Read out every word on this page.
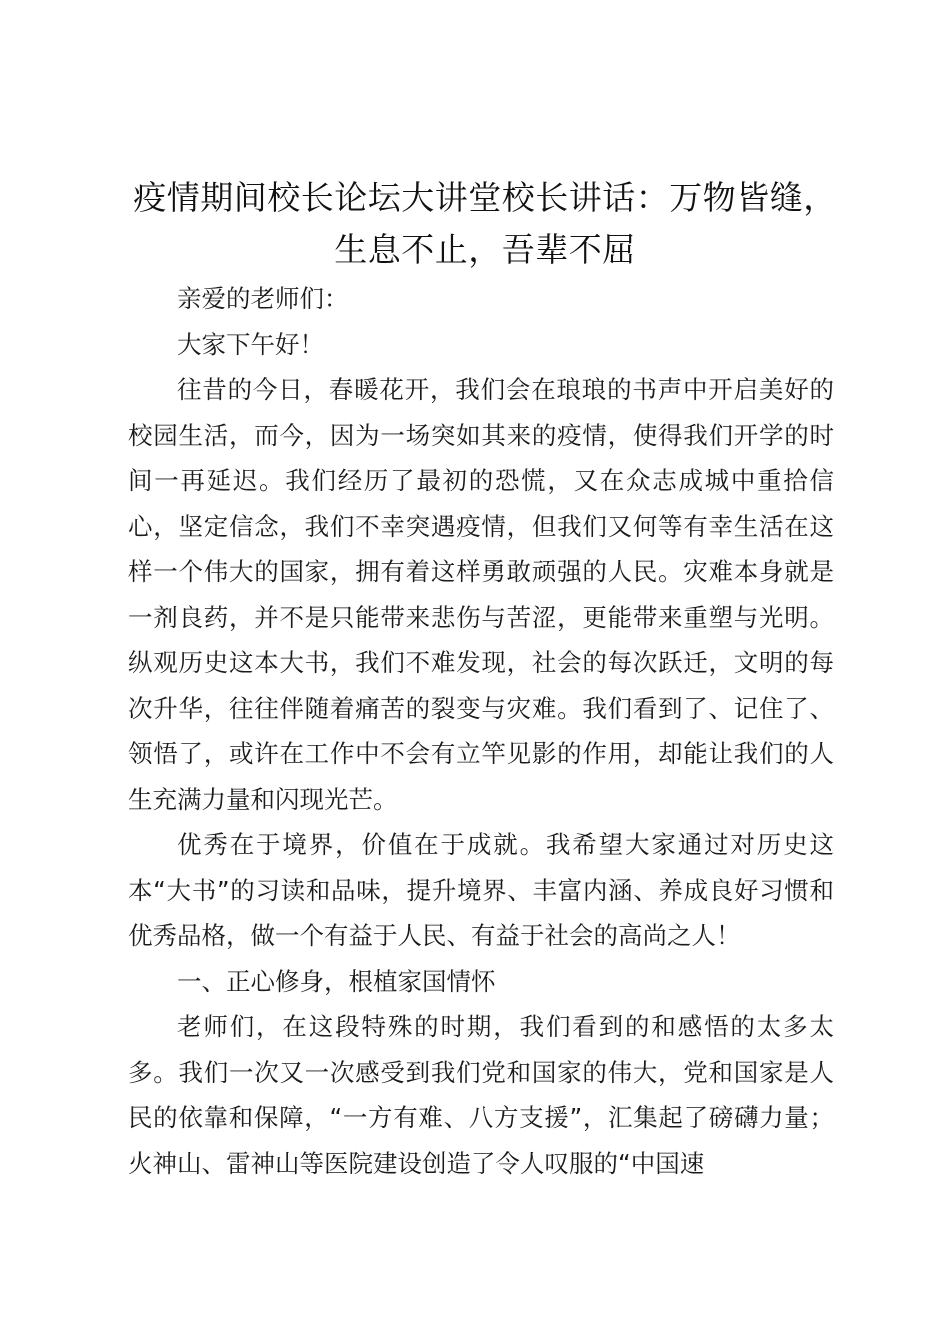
疫情期间校长论坛大讲堂校长讲话：万物皆缝，
生息不止，吾辈不屈

亲爱的老师们：

大家下午好！

往昔的今日，春暖花开，我们会在琅琅的书声中开启美好的校园生活，而今，因为一场突如其来的疫情，使得我们开学的时间一再延迟。我们经历了最初的恐慌，又在众志成城中重拾信心，坚定信念，我们不幸突遇疫情，但我们又何等有幸生活在这样一个伟大的国家，拥有着这样勇敢顽强的人民。灾难本身就是一剂良药，并不是只能带来悲伤与苦涩，更能带来重塑与光明。纵观历史这本大书，我们不难发现，社会的每次跃迁，文明的每次升华，往往伴随着痛苦的裂变与灾难。我们看到了、记住了、领悟了，或许在工作中不会有立竿见影的作用，却能让我们的人生充满力量和闪现光芒。

优秀在于境界，价值在于成就。我希望大家通过对历史这本“大书”的习读和品味，提升境界、丰富内涵、养成良好习惯和优秀品格，做一个有益于人民、有益于社会的高尚之人！

一、正心修身，根植家国情怀

老师们，在这段特殊的时期，我们看到的和感悟的太多太多。我们一次又一次感受到我们党和国家的伟大，党和国家是人民的依靠和保障，“一方有难、八方支援”，汇集起了磅礴力量；火神山、雷神山等医院建设创造了令人叹服的“中国速
